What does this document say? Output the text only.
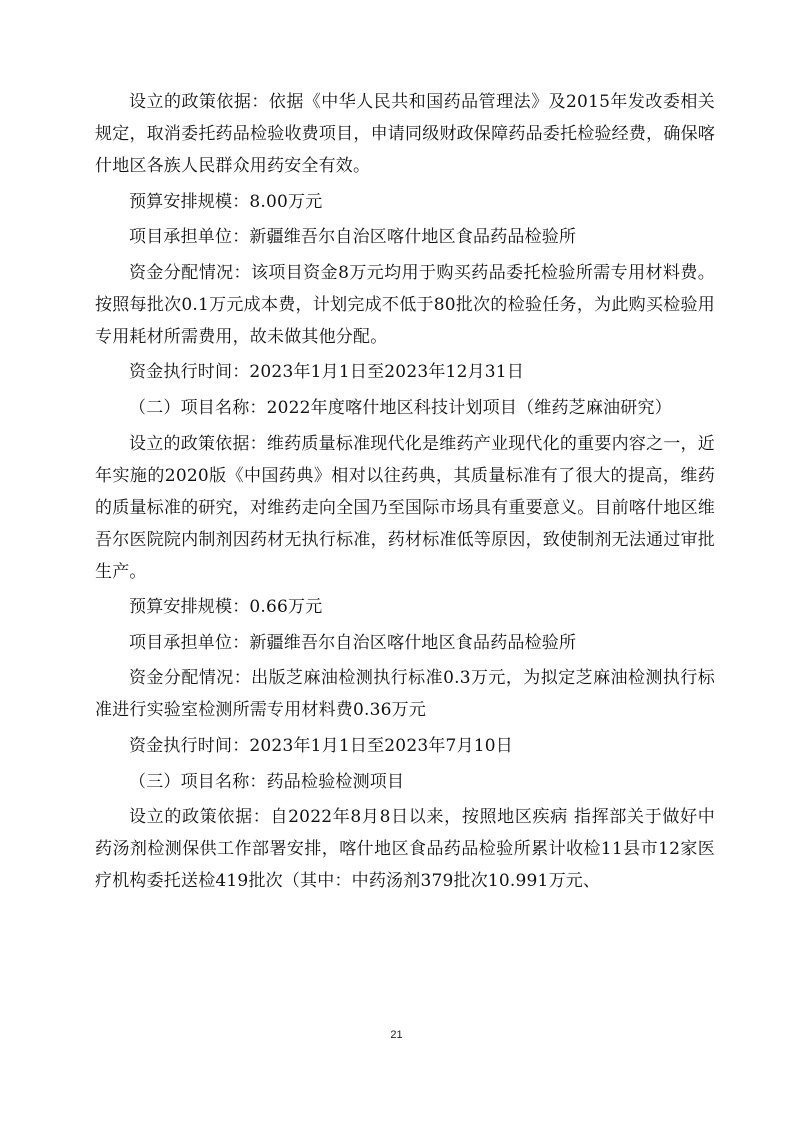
设立的政策依据：依据《中华人民共和国药品管理法》及2015年发改委相关规定，取消委托药品检验收费项目，申请同级财政保障药品委托检验经费，确保喀什地区各族人民群众用药安全有效。

预算安排规模：8.00万元

项目承担单位：新疆维吾尔自治区喀什地区食品药品检验所

资金分配情况：该项目资金8万元均用于购买药品委托检验所需专用材料费。按照每批次0.1万元成本费，计划完成不低于80批次的检验任务，为此购买检验用专用耗材所需费用，故未做其他分配。

资金执行时间：2023年1月1日至2023年12月31日

（二）项目名称：2022年度喀什地区科技计划项目（维药芝麻油研究）

设立的政策依据：维药质量标准现代化是维药产业现代化的重要内容之一，近年实施的2020版《中国药典》相对以往药典，其质量标准有了很大的提高，维药的质量标准的研究，对维药走向全国乃至国际市场具有重要意义。目前喀什地区维吾尔医院院内制剂因药材无执行标准，药材标准低等原因，致使制剂无法通过审批生产。

预算安排规模：0.66万元

项目承担单位：新疆维吾尔自治区喀什地区食品药品检验所

资金分配情况：出版芝麻油检测执行标准0.3万元，为拟定芝麻油检测执行标准进行实验室检测所需专用材料费0.36万元

资金执行时间：2023年1月1日至2023年7月10日

（三）项目名称：药品检验检测项目

设立的政策依据：自2022年8月8日以来，按照地区疾病 指挥部关于做好中药汤剂检测保供工作部署安排，喀什地区食品药品检验所累计收检11县市12家医疗机构委托送检419批次（其中：中药汤剂379批次10.991万元、

21
